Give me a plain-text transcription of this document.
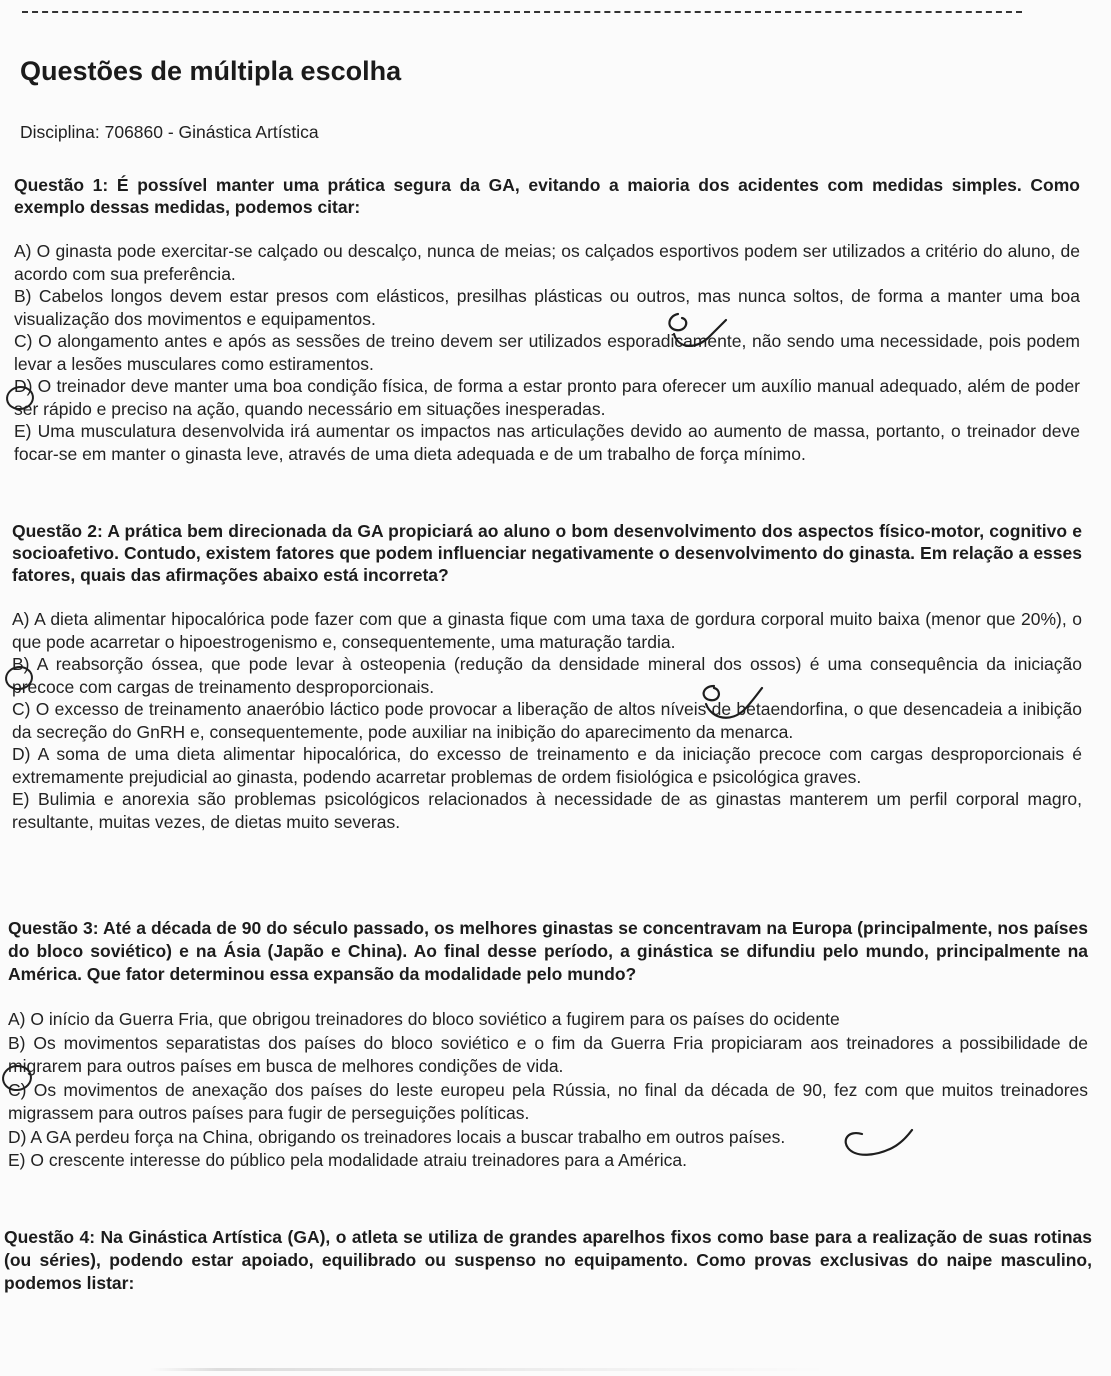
Questões de múltipla escolha
Disciplina: 706860 - Ginástica Artística

Questão 1: É possível manter uma prática segura da GA, evitando a maioria dos acidentes com medidas simples. Como exemplo dessas medidas, podemos citar:

A) O ginasta pode exercitar-se calçado ou descalço, nunca de meias; os calçados esportivos podem ser utilizados a critério do aluno, de acordo com sua preferência.
B) Cabelos longos devem estar presos com elásticos, presilhas plásticas ou outros, mas nunca soltos, de forma a manter uma boa visualização dos movimentos e equipamentos.
C) O alongamento antes e após as sessões de treino devem ser utilizados esporadicamente, não sendo uma necessidade, pois podem levar a lesões musculares como estiramentos.
D) O treinador deve manter uma boa condição física, de forma a estar pronto para oferecer um auxílio manual adequado, além de poder ser rápido e preciso na ação, quando necessário em situações inesperadas.
E) Uma musculatura desenvolvida irá aumentar os impactos nas articulações devido ao aumento de massa, portanto, o treinador deve focar-se em manter o ginasta leve, através de uma dieta adequada e de um trabalho de força mínimo.

Questão 2: A prática bem direcionada da GA propiciará ao aluno o bom desenvolvimento dos aspectos físico-motor, cognitivo e socioafetivo. Contudo, existem fatores que podem influenciar negativamente o desenvolvimento do ginasta. Em relação a esses fatores, quais das afirmações abaixo está incorreta?

A) A dieta alimentar hipocalórica pode fazer com que a ginasta fique com uma taxa de gordura corporal muito baixa (menor que 20%), o que pode acarretar o hipoestrogenismo e, consequentemente, uma maturação tardia.
B) A reabsorção óssea, que pode levar à osteopenia (redução da densidade mineral dos ossos) é uma consequência da iniciação precoce com cargas de treinamento desproporcionais.
C) O excesso de treinamento anaeróbio láctico pode provocar a liberação de altos níveis de betaendorfina, o que desencadeia a inibição da secreção do GnRH e, consequentemente, pode auxiliar na inibição do aparecimento da menarca.
D) A soma de uma dieta alimentar hipocalórica, do excesso de treinamento e da iniciação precoce com cargas desproporcionais é extremamente prejudicial ao ginasta, podendo acarretar problemas de ordem fisiológica e psicológica graves.
E) Bulimia e anorexia são problemas psicológicos relacionados à necessidade de as ginastas manterem um perfil corporal magro, resultante, muitas vezes, de dietas muito severas.

Questão 3: Até a década de 90 do século passado, os melhores ginastas se concentravam na Europa (principalmente, nos países do bloco soviético) e na Ásia (Japão e China). Ao final desse período, a ginástica se difundiu pelo mundo, principalmente na América. Que fator determinou essa expansão da modalidade pelo mundo?

A) O início da Guerra Fria, que obrigou treinadores do bloco soviético a fugirem para os países do ocidente
B) Os movimentos separatistas dos países do bloco soviético e o fim da Guerra Fria propiciaram aos treinadores a possibilidade de migrarem para outros países em busca de melhores condições de vida.
C) Os movimentos de anexação dos países do leste europeu pela Rússia, no final da década de 90, fez com que muitos treinadores migrassem para outros países para fugir de perseguições políticas.
D) A GA perdeu força na China, obrigando os treinadores locais a buscar trabalho em outros países.
E) O crescente interesse do público pela modalidade atraiu treinadores para a América.

Questão 4: Na Ginástica Artística (GA), o atleta se utiliza de grandes aparelhos fixos como base para a realização de suas rotinas (ou séries), podendo estar apoiado, equilibrado ou suspenso no equipamento. Como provas exclusivas do naipe masculino, podemos listar:
